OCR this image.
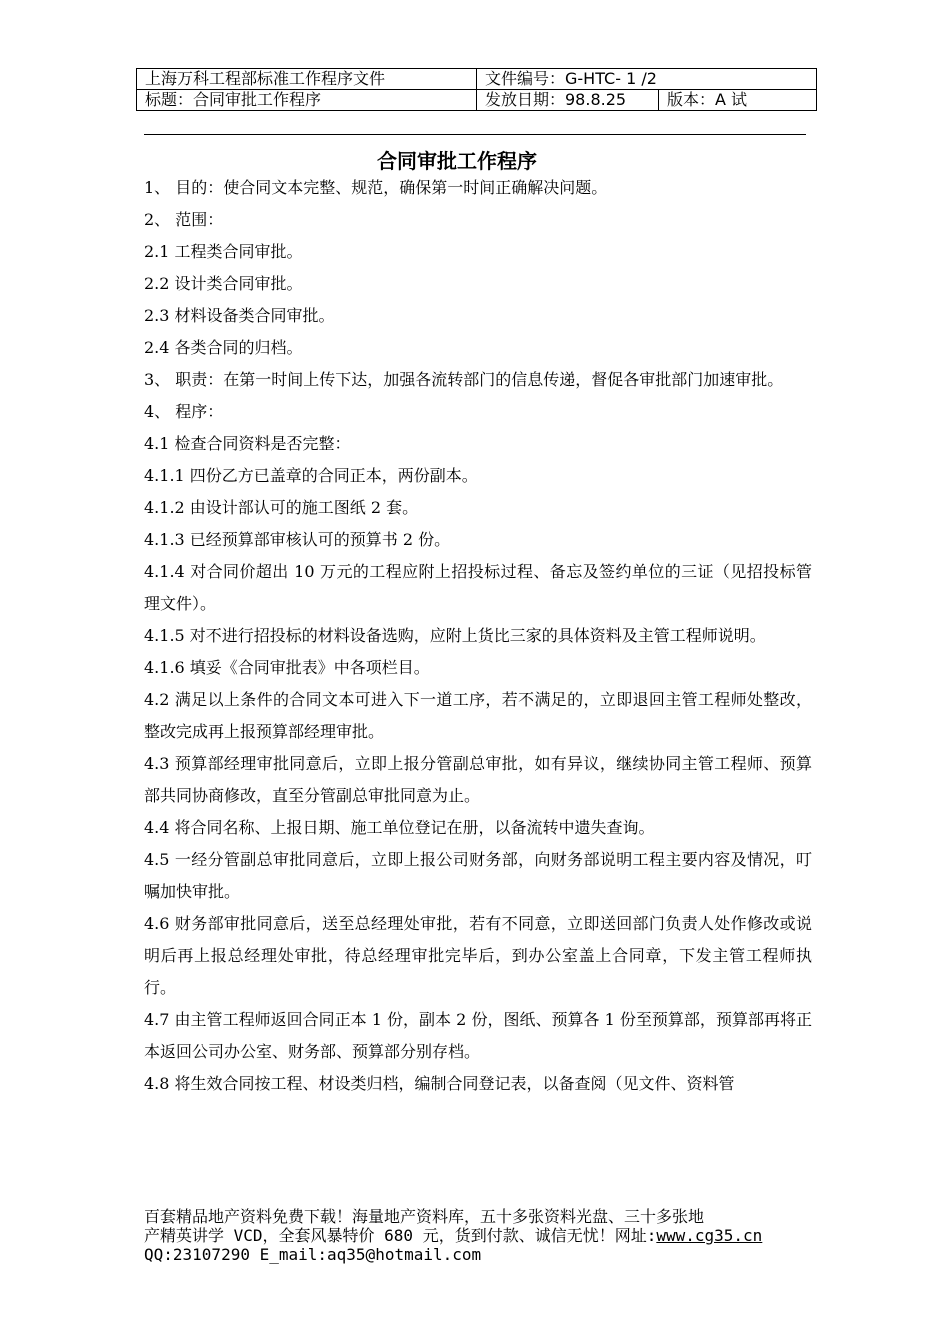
上海万科工程部标准工作程序文件	文件编号：G-HTC- 1 /2	
标题：合同审批工作程序	发放日期：98.8.25	版本：A 试
合同审批工作程序

1、 目的：使合同文本完整、规范，确保第一时间正确解决问题。

2、 范围：

2.1 工程类合同审批。

2.2 设计类合同审批。

2.3 材料设备类合同审批。

2.4 各类合同的归档。

3、 职责：在第一时间上传下达，加强各流转部门的信息传递，督促各审批部门加速审批。

4、 程序：

4.1 检查合同资料是否完整：

4.1.1 四份乙方已盖章的合同正本，两份副本。

4.1.2 由设计部认可的施工图纸 2 套。

4.1.3 已经预算部审核认可的预算书 2 份。

4.1.4 对合同价超出 10 万元的工程应附上招投标过程、备忘及签约单位的三证（见招投标管理文件）。

4.1.5 对不进行招投标的材料设备选购，应附上货比三家的具体资料及主管工程师说明。

4.1.6 填妥《合同审批表》中各项栏目。

4.2 满足以上条件的合同文本可进入下一道工序，若不满足的，立即退回主管工程师处整改，整改完成再上报预算部经理审批。

4.3 预算部经理审批同意后，立即上报分管副总审批，如有异议，继续协同主管工程师、预算部共同协商修改，直至分管副总审批同意为止。

4.4 将合同名称、上报日期、施工单位登记在册，以备流转中遗失查询。

4.5 一经分管副总审批同意后，立即上报公司财务部，向财务部说明工程主要内容及情况，叮嘱加快审批。

4.6 财务部审批同意后，送至总经理处审批，若有不同意，立即送回部门负责人处作修改或说明后再上报总经理处审批，待总经理审批完毕后，到办公室盖上合同章，下发主管工程师执行。

4.7 由主管工程师返回合同正本 1 份，副本 2 份，图纸、预算各 1 份至预算部，预算部再将正本返回公司办公室、财务部、预算部分别存档。

4.8 将生效合同按工程、材设类归档，编制合同登记表，以备查阅（见文件、资料管

百套精品地产资料免费下载！海量地产资料库，五十多张资料光盘、三十多张地
产精英讲学 VCD，全套风暴特价 680 元，货到付款、诚信无忧！网址:www.cg35.cn
QQ:23107290 E_mail:aq35@hotmail.com
